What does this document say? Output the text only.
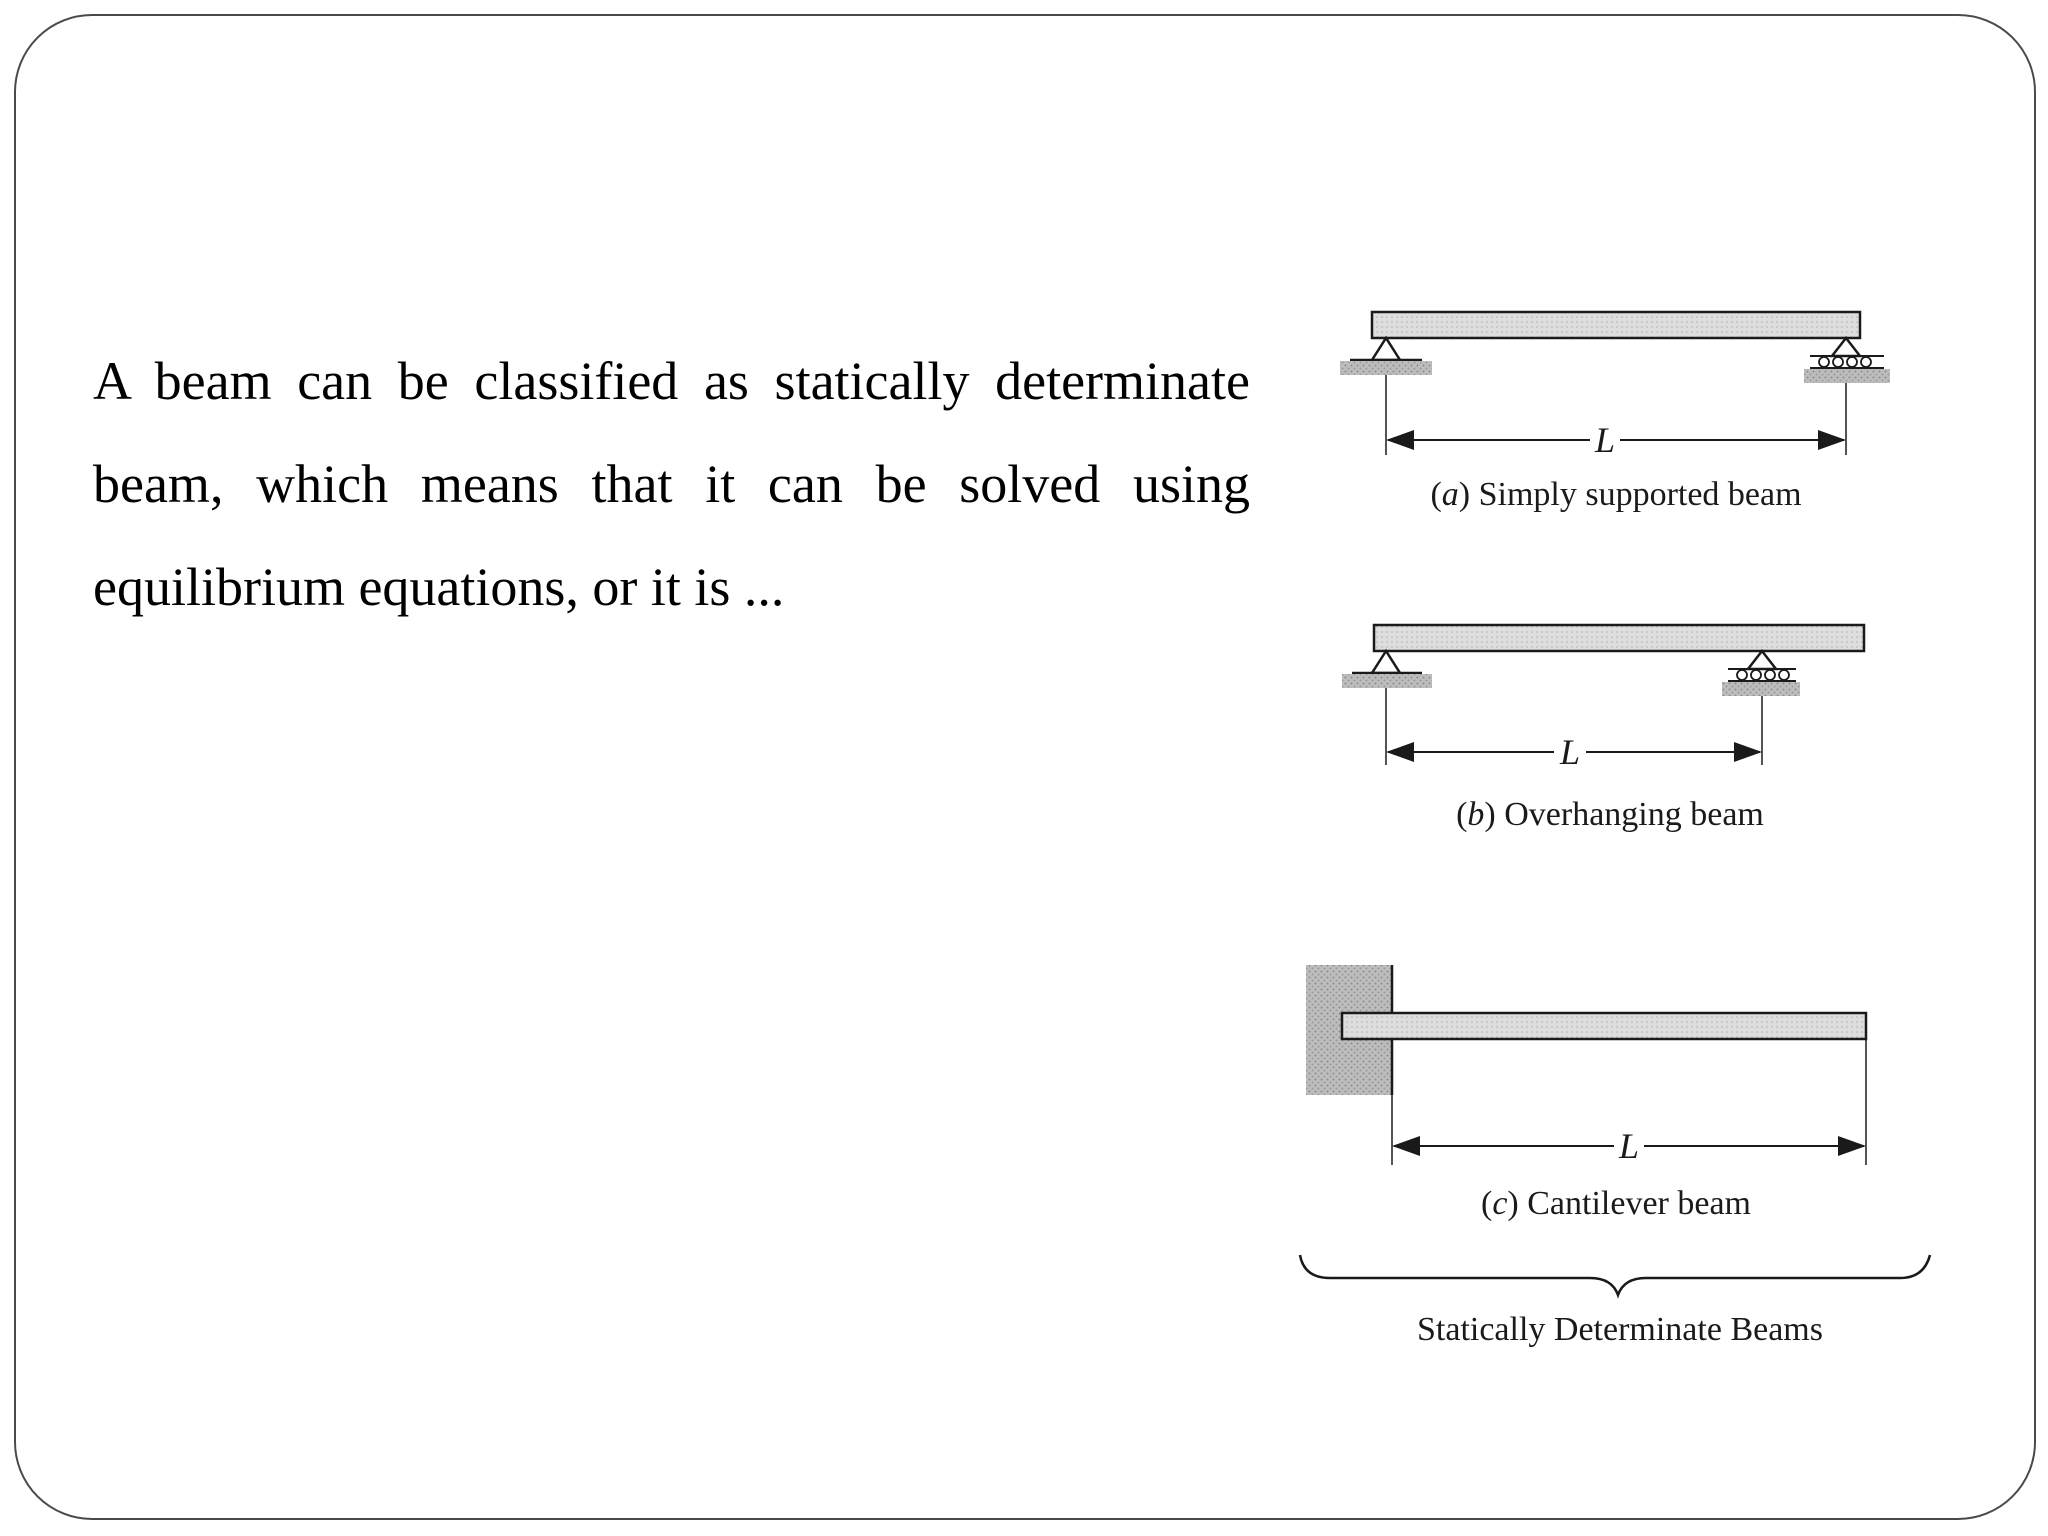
A beam can be classified as statically determinate
beam, which means that it can be solved using
equilibrium equations, or it is ...
L
(a) Simply supported beam
L
(b) Overhanging beam
L
(c) Cantilever beam
Statically Determinate Beams
